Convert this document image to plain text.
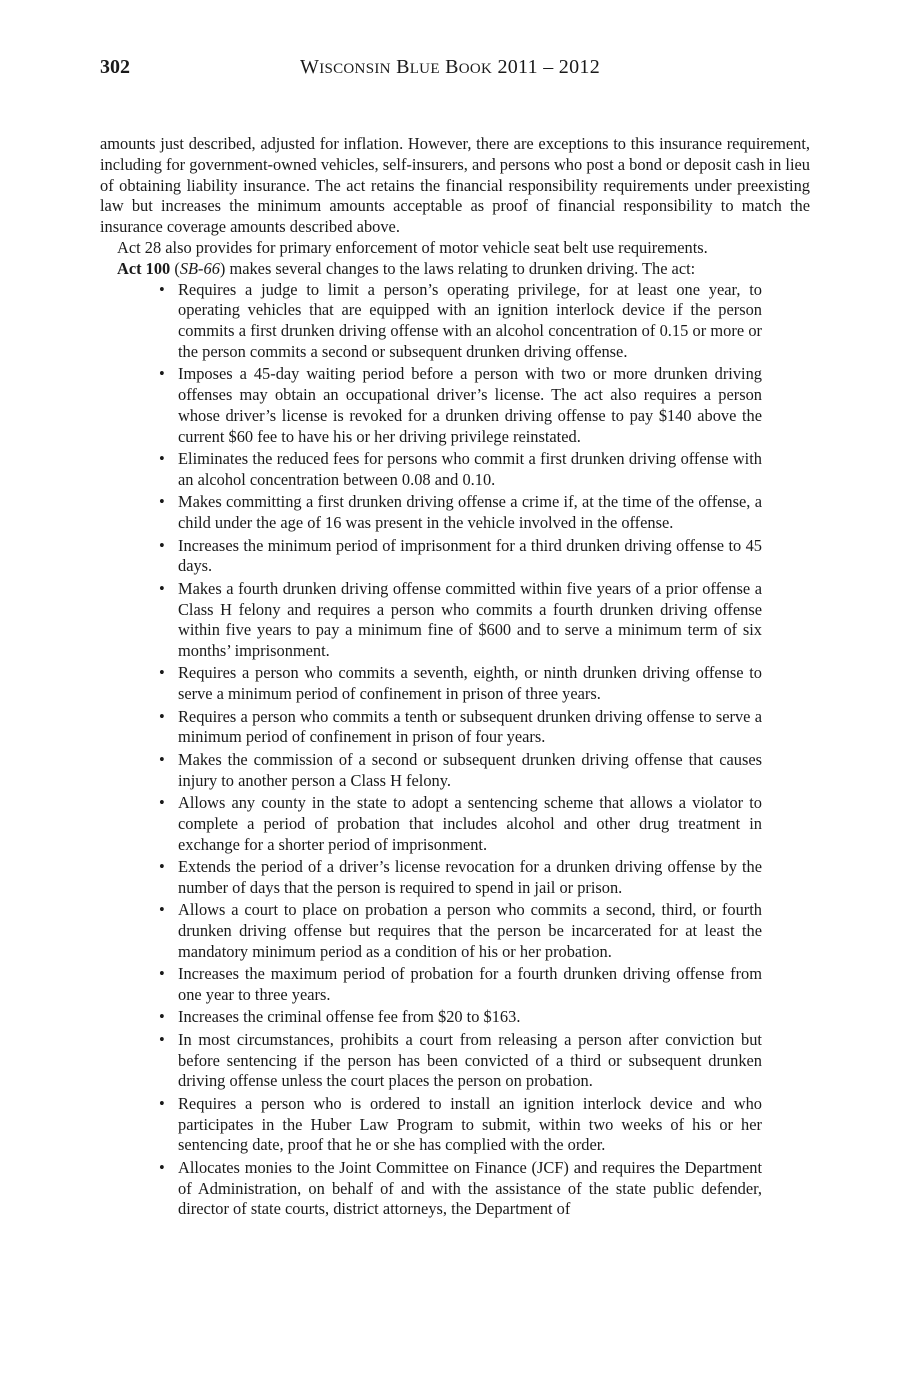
302	WISCONSIN BLUE BOOK 2011 – 2012

amounts just described, adjusted for inflation. However, there are exceptions to this insurance requirement, including for government-owned vehicles, self-insurers, and persons who post a bond or deposit cash in lieu of obtaining liability insurance. The act retains the financial responsibility requirements under preexisting law but increases the minimum amounts acceptable as proof of financial responsibility to match the insurance coverage amounts described above.

Act 28 also provides for primary enforcement of motor vehicle seat belt use requirements.

Act 100 (SB-66) makes several changes to the laws relating to drunken driving. The act:

• Requires a judge to limit a person’s operating privilege, for at least one year, to operating vehicles that are equipped with an ignition interlock device if the person commits a first drunken driving offense with an alcohol concentration of 0.15 or more or the person commits a second or subsequent drunken driving offense.
• Imposes a 45-day waiting period before a person with two or more drunken driving offenses may obtain an occupational driver’s license. The act also requires a person whose driver’s license is revoked for a drunken driving offense to pay $140 above the current $60 fee to have his or her driving privilege reinstated.
• Eliminates the reduced fees for persons who commit a first drunken driving offense with an alcohol concentration between 0.08 and 0.10.
• Makes committing a first drunken driving offense a crime if, at the time of the offense, a child under the age of 16 was present in the vehicle involved in the offense.
• Increases the minimum period of imprisonment for a third drunken driving offense to 45 days.
• Makes a fourth drunken driving offense committed within five years of a prior offense a Class H felony and requires a person who commits a fourth drunken driving offense within five years to pay a minimum fine of $600 and to serve a minimum term of six months’ imprisonment.
• Requires a person who commits a seventh, eighth, or ninth drunken driving offense to serve a minimum period of confinement in prison of three years.
• Requires a person who commits a tenth or subsequent drunken driving offense to serve a minimum period of confinement in prison of four years.
• Makes the commission of a second or subsequent drunken driving offense that causes injury to another person a Class H felony.
• Allows any county in the state to adopt a sentencing scheme that allows a violator to complete a period of probation that includes alcohol and other drug treatment in exchange for a shorter period of imprisonment.
• Extends the period of a driver’s license revocation for a drunken driving offense by the number of days that the person is required to spend in jail or prison.
• Allows a court to place on probation a person who commits a second, third, or fourth drunken driving offense but requires that the person be incarcerated for at least the mandatory minimum period as a condition of his or her probation.
• Increases the maximum period of probation for a fourth drunken driving offense from one year to three years.
• Increases the criminal offense fee from $20 to $163.
• In most circumstances, prohibits a court from releasing a person after conviction but before sentencing if the person has been convicted of a third or subsequent drunken driving offense unless the court places the person on probation.
• Requires a person who is ordered to install an ignition interlock device and who participates in the Huber Law Program to submit, within two weeks of his or her sentencing date, proof that he or she has complied with the order.
• Allocates monies to the Joint Committee on Finance (JCF) and requires the Department of Administration, on behalf of and with the assistance of the state public defender, director of state courts, district attorneys, the Department of
